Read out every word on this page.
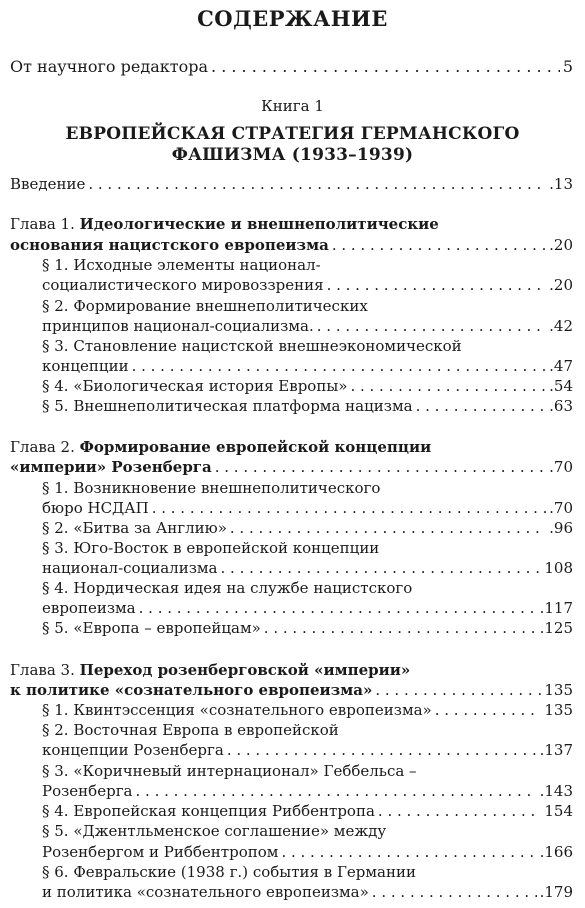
СОДЕРЖАНИЕ
От научного редактора . . .	5
Книга 1
ЕВРОПЕЙСКАЯ СТРАТЕГИЯ ГЕРМАНСКОГО
ФАШИЗМА (1933–1939)
Введение . . .	.13
Глава 1. Идеологические и внешнеполитические
основания нацистского европеизма . . .	.20
§ 1. Исходные элементы национал-
социалистического мировоззрения . . .	.20
§ 2. Формирование внешнеполитических
принципов национал-социализма. . . .	.42
§ 3. Становление нацистской внешнеэкономической
концепции . . .	.47
§ 4. «Биологическая история Европы» . . .	.54
§ 5. Внешнеполитическая платформа нацизма . . .	.63
Глава 2. Формирование европейской концепции
«империи» Розенберга . . .	.70
§ 1. Возникновение внешнеполитического
бюро НСДАП . . .	.70
§ 2. «Битва за Англию» . . .	.96
§ 3. Юго-Восток в европейской концепции
национал-социализма . . .	108
§ 4. Нордическая идея на службе нацистского
европеизма . . .	.117
§ 5. «Европа – европейцам» . . .	.125
Глава 3. Переход розенберговской «империи»
к политике «сознательного европеизма» . . .	135
§ 1. Квинтэссенция «сознательного европеизма» . . .	135
§ 2. Восточная Европа в европейской
концепции Розенберга . . .	.137
§ 3. «Коричневый интернационал» Геббельса –
Розенберга . . .	.143
§ 4. Европейская концепция Риббентропа . . .	154
§ 5. «Джентльменское соглашение» между
Розенбергом и Риббентропом . . .	.166
§ 6. Февральские (1938 г.) события в Германии
и политика «сознательного европеизма» . . .	.179
